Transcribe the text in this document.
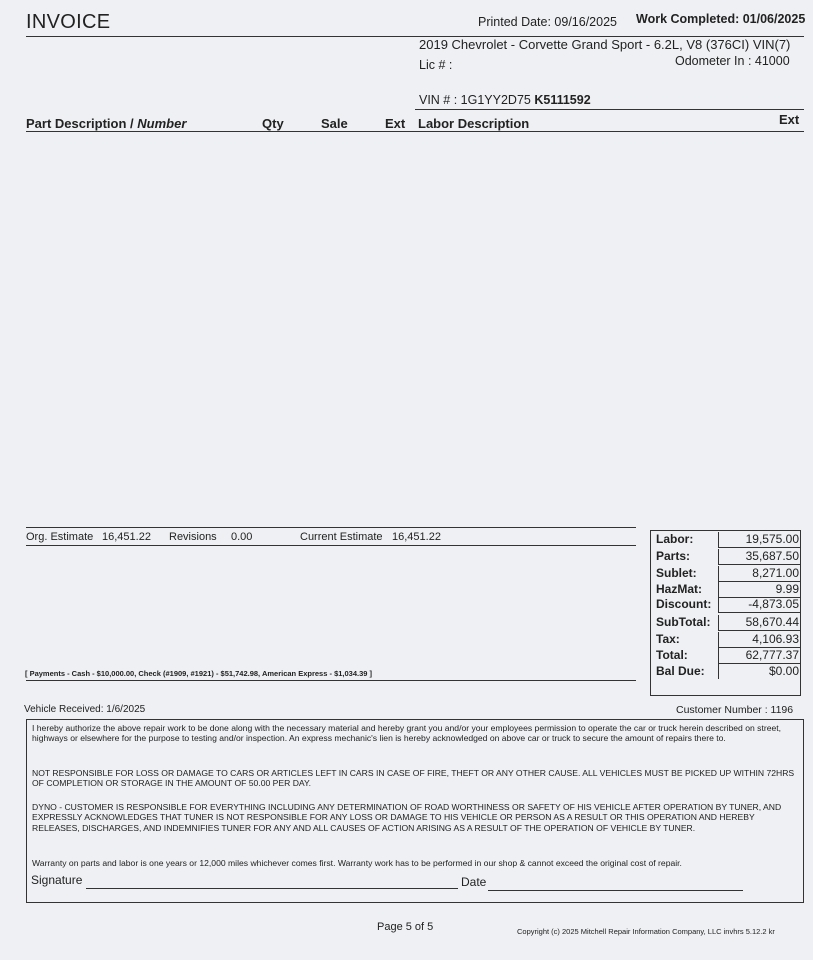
INVOICE	Printed Date: 09/16/2025 Work Completed: 01/06/2025
2019 Chevrolet - Corvette Grand Sport - 6.2L, V8 (376CI) VIN(7)
Lic # :	Odometer In : 41000
VIN # : 1G1YY2D75 K5111592
Part Description / Number	Qty	Sale	Ext Labor Description	Ext
Org. Estimate 16,451.22 Revisions 0.00	Current Estimate 16,451.22
[ Payments - Cash - $10,000.00, Check (#1909, #1921) - $51,742.98, American Express - $1,034.39 ]
Labor:	19,575.00
Parts:	35,687.50
Sublet:	8,271.00
HazMat:	9.99
Discount:	-4,873.05
SubTotal:	58,670.44
Tax:	4,106.93
Total:	62,777.37
Bal Due:	$0.00
Vehicle Received: 1/6/2025	Customer Number : 1196

I hereby authorize the above repair work to be done along with the necessary material and hereby grant you and/or your employees permission to operate the car or truck herein described on street, highways or elsewhere for the purpose to testing and/or inspection. An express mechanic's lien is hereby acknowledged on above car or truck to secure the amount of repairs there to.

NOT RESPONSIBLE FOR LOSS OR DAMAGE TO CARS OR ARTICLES LEFT IN CARS IN CASE OF FIRE, THEFT OR ANY OTHER CAUSE. ALL VEHICLES MUST BE PICKED UP WITHIN 72HRS OF COMPLETION OR STORAGE IN THE AMOUNT OF 50.00 PER DAY.

DYNO - CUSTOMER IS RESPONSIBLE FOR EVERYTHING INCLUDING ANY DETERMINATION OF ROAD WORTHINESS OR SAFETY OF HIS VEHICLE AFTER OPERATION BY TUNER, AND EXPRESSLY ACKNOWLEDGES THAT TUNER IS NOT RESPONSIBLE FOR ANY LOSS OR DAMAGE TO HIS VEHICLE OR PERSON AS A RESULT OR THIS OPERATION AND HEREBY RELEASES, DISCHARGES, AND INDEMNIFIES TUNER FOR ANY AND ALL CAUSES OF ACTION ARISING AS A RESULT OF THE OPERATION OF VEHICLE BY TUNER.

Warranty on parts and labor is one years or 12,000 miles whichever comes first. Warranty work has to be performed in our shop & cannot exceed the original cost of repair.

Signature	Date
Page 5 of 5	Copyright (c) 2025 Mitchell Repair Information Company, LLC invhrs 5.12.2 kr
